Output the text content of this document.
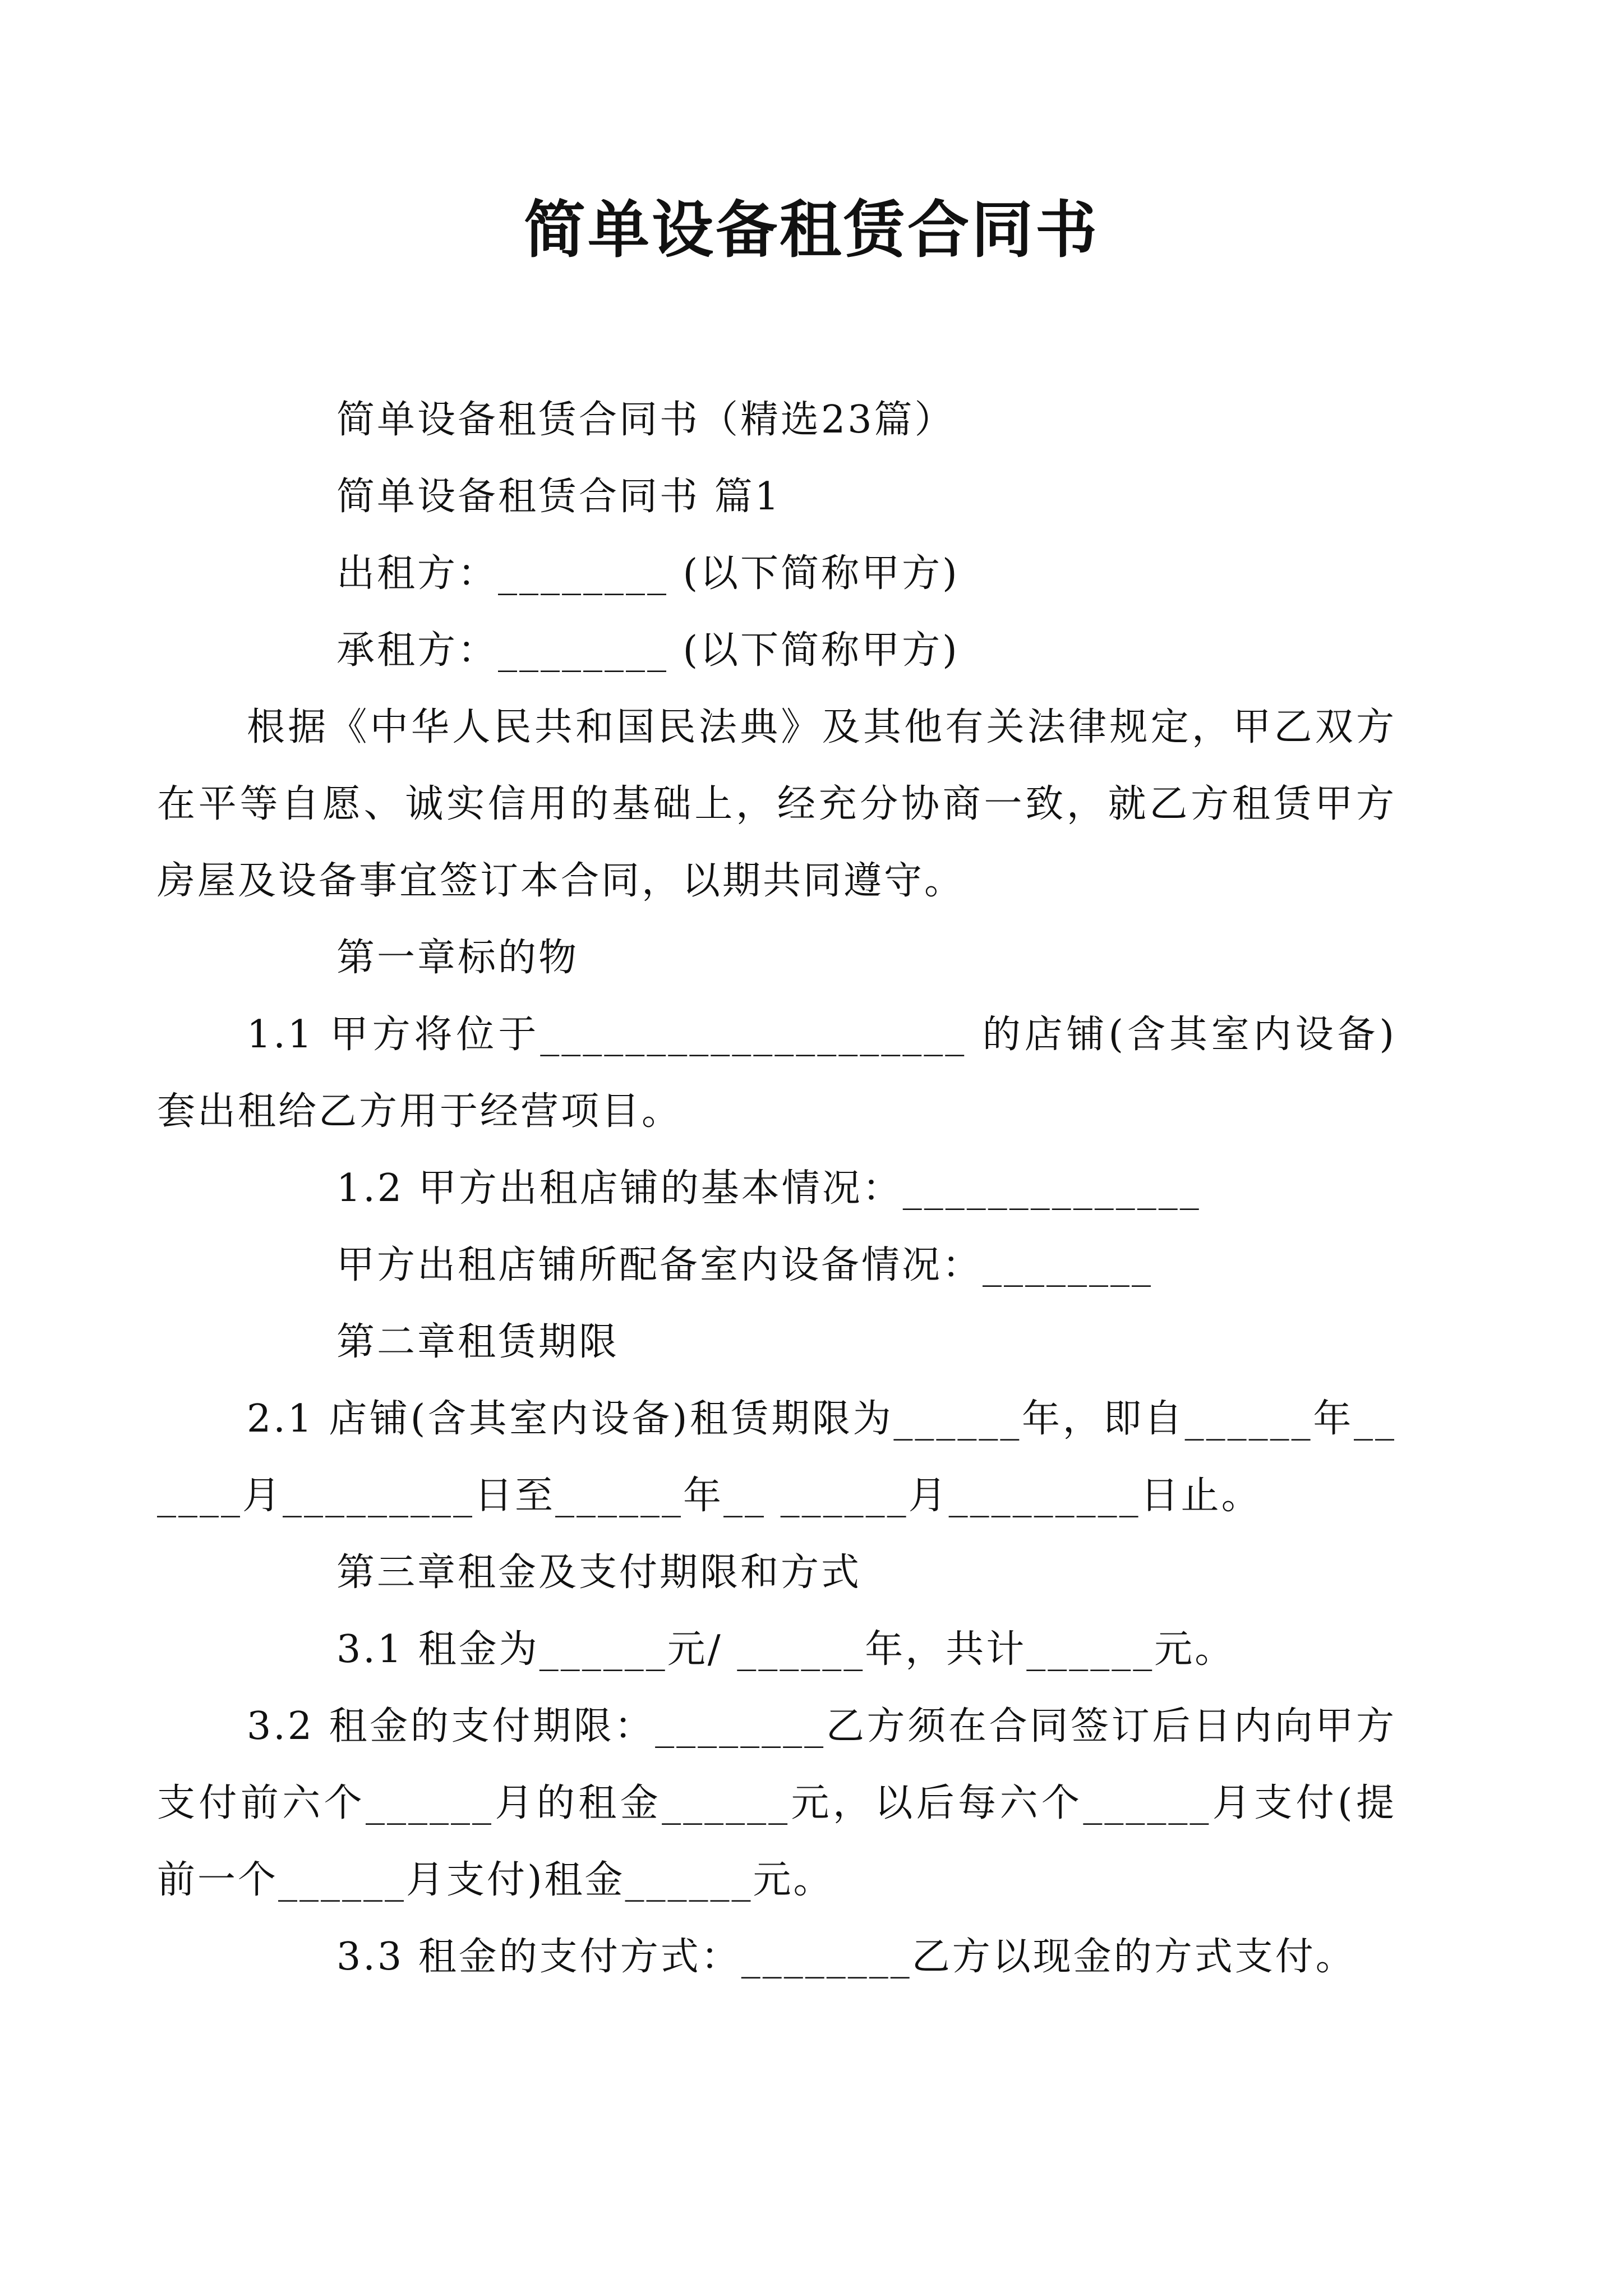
简单设备租赁合同书

简单设备租赁合同书（精选23篇）

简单设备租赁合同书 篇1

出租方：________ (以下简称甲方)

承租方：________ (以下简称甲方)

根据《中华人民共和国民法典》及其他有关法律规定，甲乙双方在平等自愿、诚实信用的基础上，经充分协商一致，就乙方租赁甲方房屋及设备事宜签订本合同，以期共同遵守。

第一章标的物

1.1 甲方将位于____________________ 的店铺(含其室内设备)套出租给乙方用于经营项目。

1.2 甲方出租店铺的基本情况：______________

甲方出租店铺所配备室内设备情况：________

第二章租赁期限

2.1 店铺(含其室内设备)租赁期限为______年，即自______年______月_________日至______年__ ______月_________日止。

第三章租金及支付期限和方式

3.1 租金为______元/ ______年，共计______元。

3.2 租金的支付期限：________乙方须在合同签订后日内向甲方支付前六个______月的租金______元，以后每六个______月支付(提前一个______月支付)租金______元。

3.3 租金的支付方式：________乙方以现金的方式支付。
